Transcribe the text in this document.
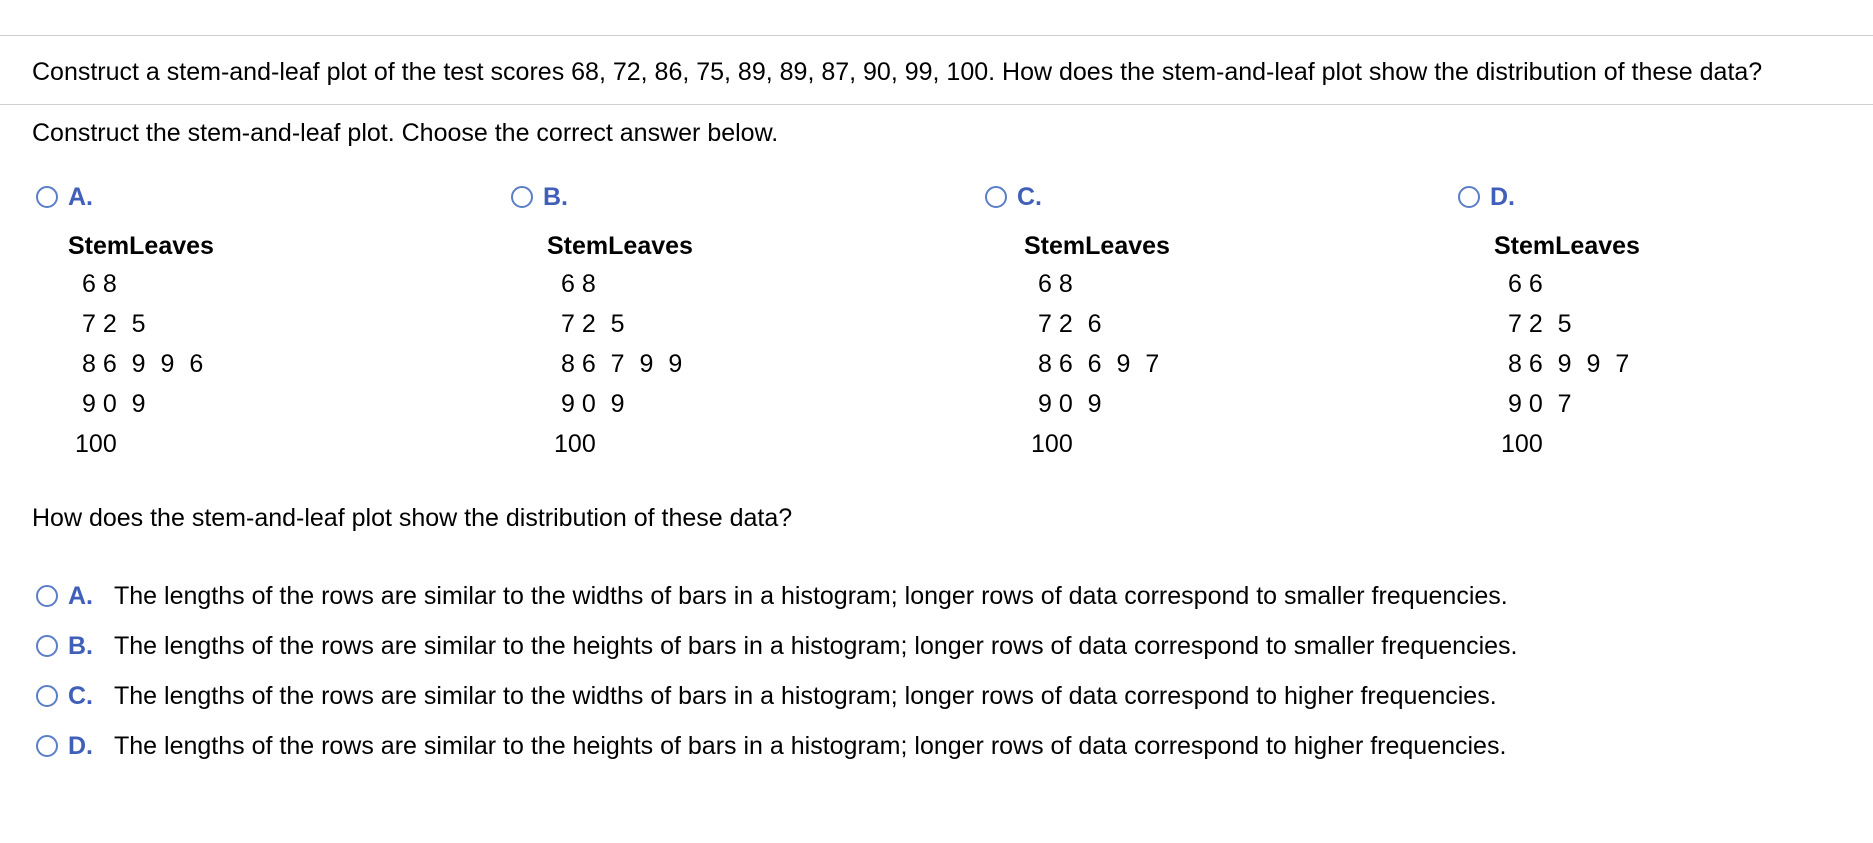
Construct a stem-and-leaf plot of the test scores 68, 72, 86, 75, 89, 89, 87, 90, 99, 100. How does the stem-and-leaf plot show the distribution of these data?
Construct the stem-and-leaf plot. Choose the correct answer below.
A.
Stem	Leaves
6		8
7		2 5
8		6 9 9 6
9		0 9
10		0
B.
Stem	Leaves
6		8
7		2 5
8		6 7 9 9
9		0 9
10		0
C.
Stem	Leaves
6		8
7		2 6
8		6 6 9 7
9		0 9
10		0
D.
Stem	Leaves
6		6
7		2 5
8		6 9 9 7
9		0 7
10		0
How does the stem-and-leaf plot show the distribution of these data?
A. The lengths of the rows are similar to the widths of bars in a histogram; longer rows of data correspond to smaller frequencies.
B. The lengths of the rows are similar to the heights of bars in a histogram; longer rows of data correspond to smaller frequencies.
C. The lengths of the rows are similar to the widths of bars in a histogram; longer rows of data correspond to higher frequencies.
D. The lengths of the rows are similar to the heights of bars in a histogram; longer rows of data correspond to higher frequencies.
